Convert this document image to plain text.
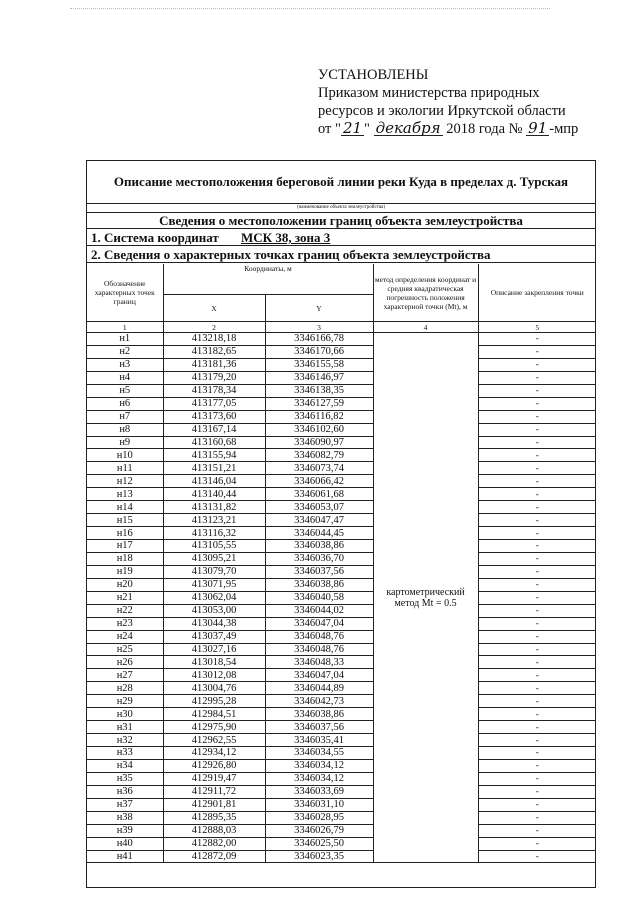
УСТАНОВЛЕНЫ
Приказом министерства природных
ресурсов и экологии Иркутской области
от " 21 " декабря 2018 года № 91 -мпр
Описание местоположения береговой линии реки Куда в пределах д. Турская
(наименование объекта землеустройства)
Сведения о местоположении границ объекта землеустройства
1. Система координат МСК 38, зона 3
2. Сведения о характерных точках границ объекта землеустройства
Обозначение характерных точек границ	Координаты, м		метод определения координат и средняя квадратическая погрешность положения характерной точки (Mt), м	Описание закрепления точки
	X	Y		
1	2	3	4	5
н1	413218,18	3346166,78	картометрический метод Mt = 0.5	-
н2	413182,65	3346170,66		-
н3	413181,36	3346155,58		-
н4	413179,20	3346146,97		-
н5	413178,34	3346138,35		-
н6	413177,05	3346127,59		-
н7	413173,60	3346116,82		-
н8	413167,14	3346102,60		-
н9	413160,68	3346090,97		-
н10	413155,94	3346082,79		-
н11	413151,21	3346073,74		-
н12	413146,04	3346066,42		-
н13	413140,44	3346061,68		-
н14	413131,82	3346053,07		-
н15	413123,21	3346047,47		-
н16	413116,32	3346044,45		-
н17	413105,55	3346038,86		-
н18	413095,21	3346036,70		-
н19	413079,70	3346037,56		-
н20	413071,95	3346038,86		-
н21	413062,04	3346040,58		-
н22	413053,00	3346044,02		-
н23	413044,38	3346047,04		-
н24	413037,49	3346048,76		-
н25	413027,16	3346048,76		-
н26	413018,54	3346048,33		-
н27	413012,08	3346047,04		-
н28	413004,76	3346044,89		-
н29	412995,28	3346042,73		-
н30	412984,51	3346038,86		-
н31	412975,90	3346037,56		-
н32	412962,55	3346035,41		-
н33	412934,12	3346034,55		-
н34	412926,80	3346034,12		-
н35	412919,47	3346034,12		-
н36	412911,72	3346033,69		-
н37	412901,81	3346031,10		-
н38	412895,35	3346028,95		-
н39	412888,03	3346026,79		-
н40	412882,00	3346025,50		-
н41	412872,09	3346023,35		-
